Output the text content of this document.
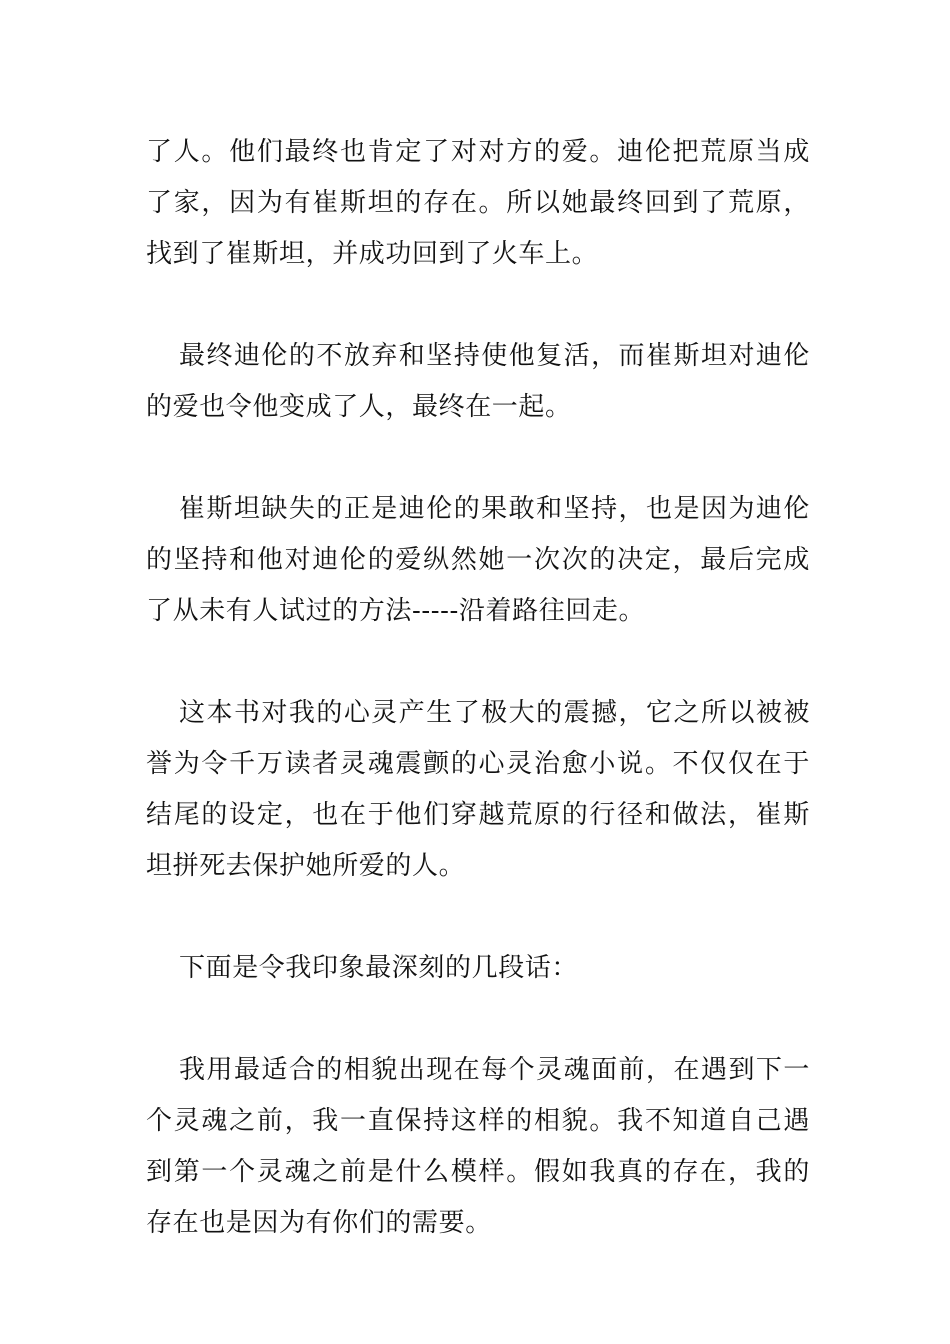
了人。他们最终也肯定了对对方的爱。迪伦把荒原当成了家，因为有崔斯坦的存在。所以她最终回到了荒原，找到了崔斯坦，并成功回到了火车上。

最终迪伦的不放弃和坚持使他复活，而崔斯坦对迪伦的爱也令他变成了人，最终在一起。

崔斯坦缺失的正是迪伦的果敢和坚持，也是因为迪伦的坚持和他对迪伦的爱纵然她一次次的决定，最后完成了从未有人试过的方法-----沿着路往回走。

这本书对我的心灵产生了极大的震撼，它之所以被被誉为令千万读者灵魂震颤的心灵治愈小说。不仅仅在于结尾的设定，也在于他们穿越荒原的行径和做法，崔斯坦拼死去保护她所爱的人。

下面是令我印象最深刻的几段话：

我用最适合的相貌出现在每个灵魂面前，在遇到下一个灵魂之前，我一直保持这样的相貌。我不知道自己遇到第一个灵魂之前是什么模样。假如我真的存在，我的存在也是因为有你们的需要。
